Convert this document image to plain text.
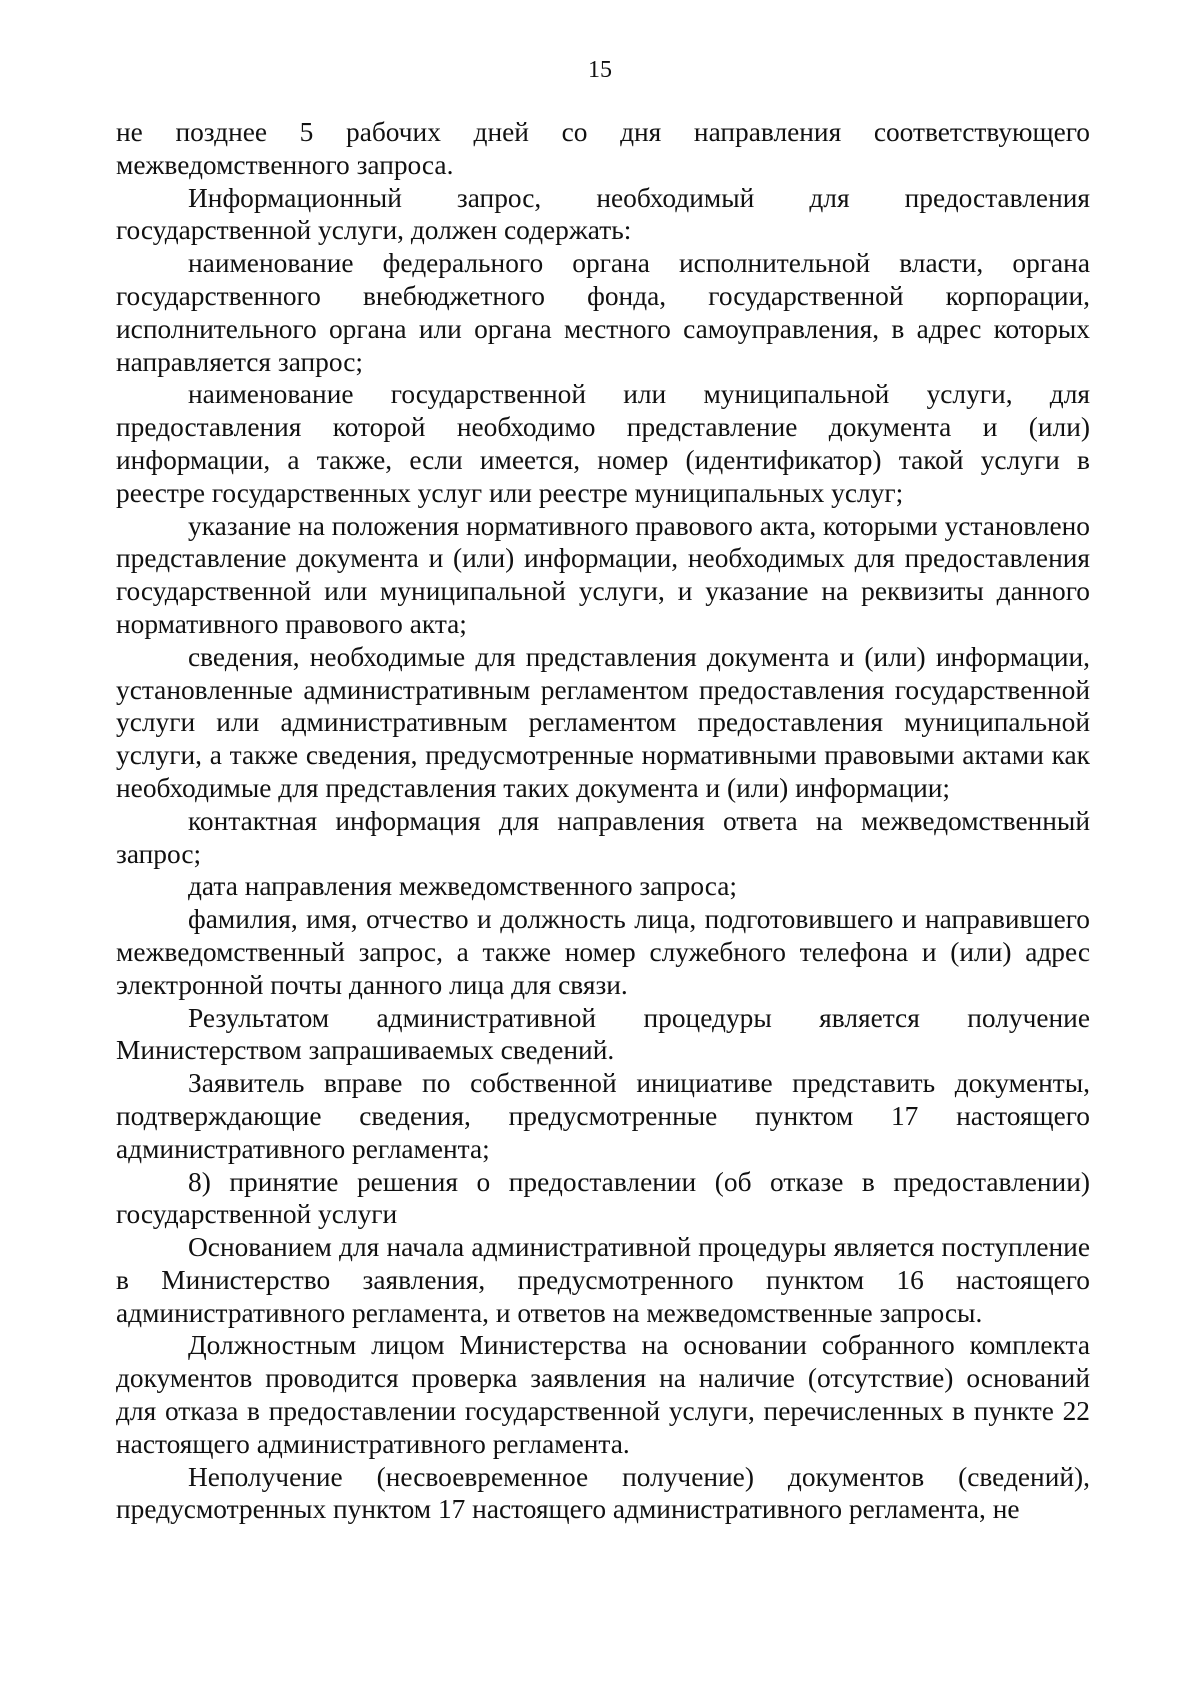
15

не позднее 5 рабочих дней со дня направления соответствующего межведомственного запроса.

Информационный запрос, необходимый для предоставления государственной услуги, должен содержать:

наименование федерального органа исполнительной власти, органа государственного внебюджетного фонда, государственной корпорации, исполнительного органа или органа местного самоуправления, в адрес которых направляется запрос;

наименование государственной или муниципальной услуги, для предоставления которой необходимо представление документа и (или) информации, а также, если имеется, номер (идентификатор) такой услуги в реестре государственных услуг или реестре муниципальных услуг;

указание на положения нормативного правового акта, которыми установлено представление документа и (или) информации, необходимых для предоставления государственной или муниципальной услуги, и указание на реквизиты данного нормативного правового акта;

сведения, необходимые для представления документа и (или) информации, установленные административным регламентом предоставления государственной услуги или административным регламентом предоставления муниципальной услуги, а также сведения, предусмотренные нормативными правовыми актами как необходимые для представления таких документа и (или) информации;

контактная информация для направления ответа на межведомственный запрос;

дата направления межведомственного запроса;

фамилия, имя, отчество и должность лица, подготовившего и направившего межведомственный запрос, а также номер служебного телефона и (или) адрес электронной почты данного лица для связи.

Результатом административной процедуры является получение Министерством запрашиваемых сведений.

Заявитель вправе по собственной инициативе представить документы, подтверждающие сведения, предусмотренные пунктом 17 настоящего административного регламента;

8) принятие решения о предоставлении (об отказе в предоставлении) государственной услуги

Основанием для начала административной процедуры является поступление в Министерство заявления, предусмотренного пунктом 16 настоящего административного регламента, и ответов на межведомственные запросы.

Должностным лицом Министерства на основании собранного комплекта документов проводится проверка заявления на наличие (отсутствие) оснований для отказа в предоставлении государственной услуги, перечисленных в пункте 22 настоящего административного регламента.

Неполучение (несвоевременное получение) документов (сведений), предусмотренных пунктом 17 настоящего административного регламента, не
